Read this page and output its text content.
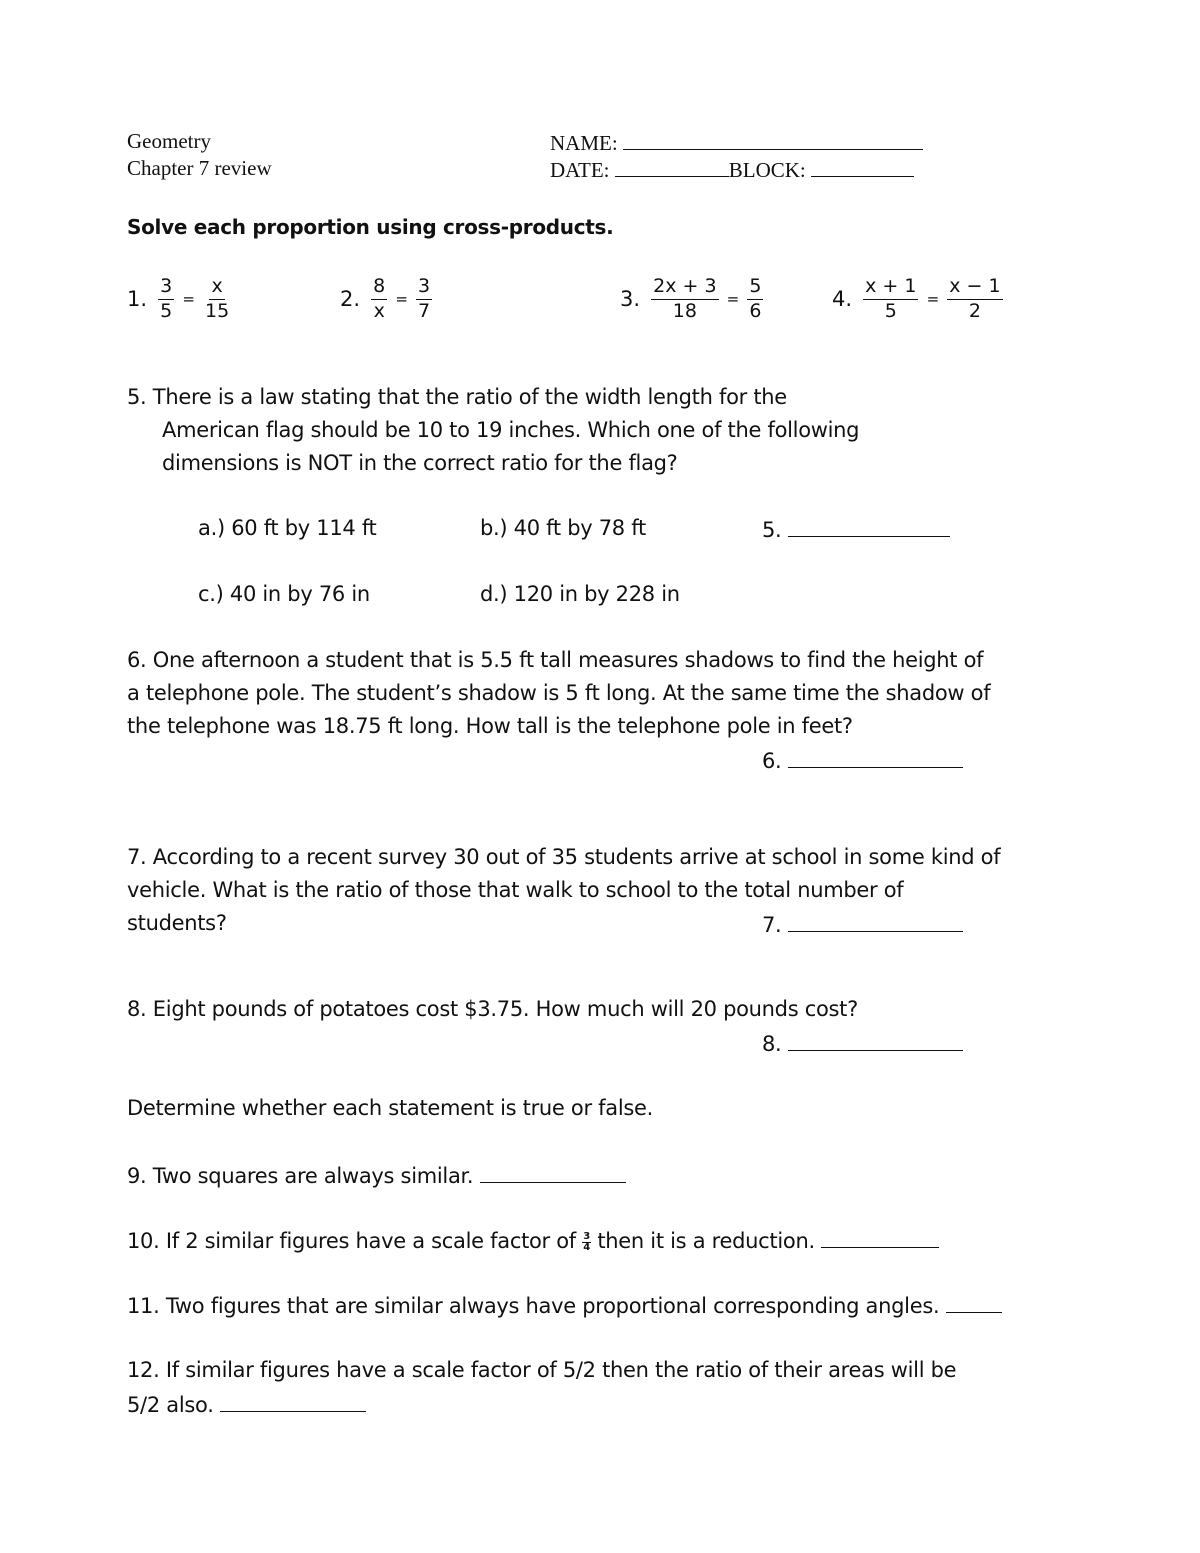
Geometry
Chapter 7 review
NAME:
DATE:	BLOCK:
Solve each proportion using cross-products.
1. $\frac{3}{5} = \frac{x}{15}$	2. $\frac{8}{x} = \frac{3}{7}$	3. $\frac{2x + 3}{18} = \frac{5}{6}$	4. $\frac{x + 1}{5} = \frac{x - 1}{2}$
5. There is a law stating that the ratio of the width length for the
American flag should be 10 to 19 inches. Which one of the following
dimensions is NOT in the correct ratio for the flag?
a.) 60 ft by 114 ft	b.) 40 ft by 78 ft	5.
c.) 40 in by 76 in	d.) 120 in by 228 in
6. One afternoon a student that is 5.5 ft tall measures shadows to find the height of
a telephone pole. The student’s shadow is 5 ft long. At the same time the shadow of
the telephone was 18.75 ft long. How tall is the telephone pole in feet?
6.
7. According to a recent survey 30 out of 35 students arrive at school in some kind of
vehicle. What is the ratio of those that walk to school to the total number of
students?	7.
8. Eight pounds of potatoes cost $3.75. How much will 20 pounds cost?
8.
Determine whether each statement is true or false.
9. Two squares are always similar.
10. If 2 similar figures have a scale factor of $\frac{3}{4}$ then it is a reduction.
11. Two figures that are similar always have proportional corresponding angles.
12. If similar figures have a scale factor of 5/2 then the ratio of their areas will be
5/2 also.
